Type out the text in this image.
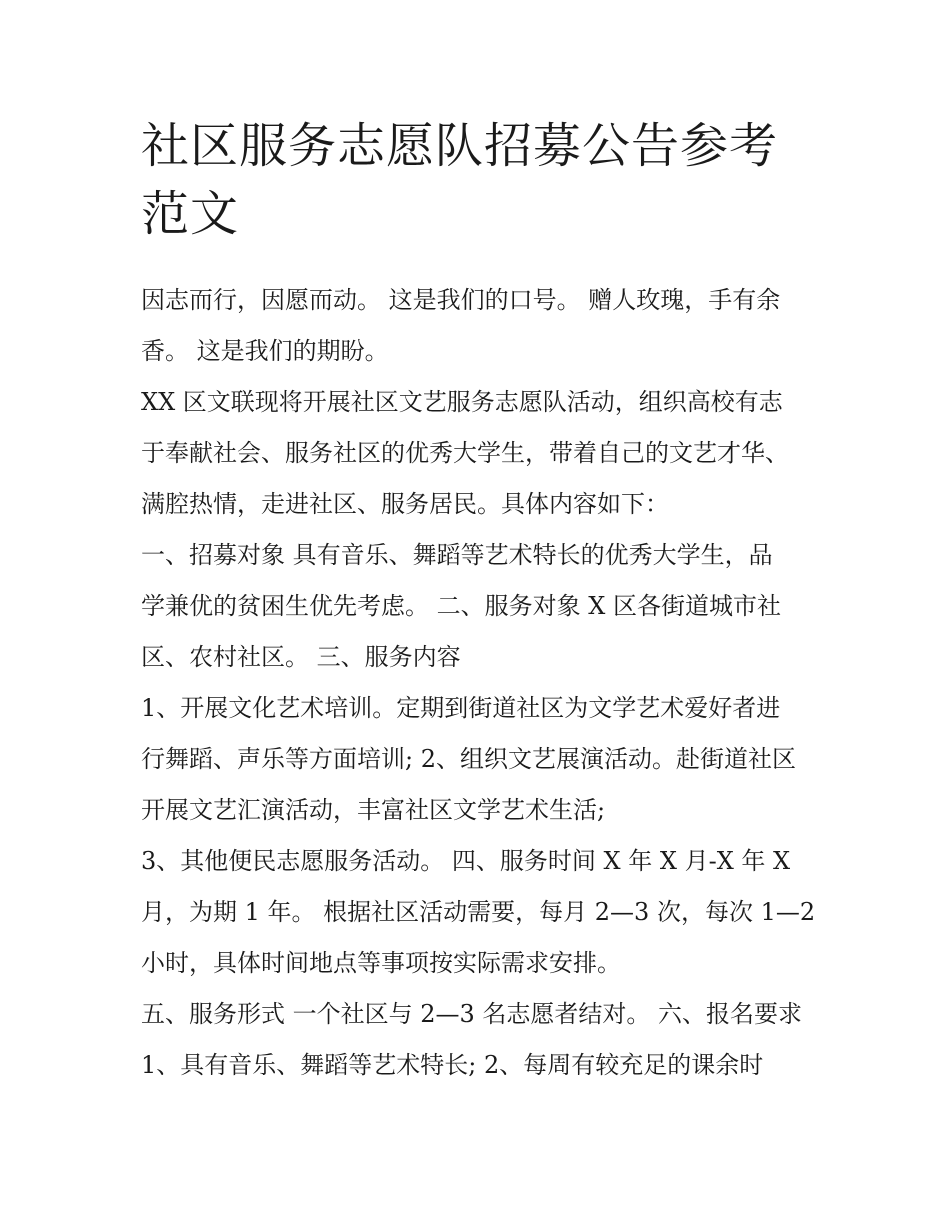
社区服务志愿队招募公告参考
范文

因志而行，因愿而动。 这是我们的口号。 赠人玫瑰，手有余
香。 这是我们的期盼。

XX 区文联现将开展社区文艺服务志愿队活动，组织高校有志
于奉献社会、服务社区的优秀大学生，带着自己的文艺才华、
满腔热情，走进社区、服务居民。具体内容如下：

一、招募对象 具有音乐、舞蹈等艺术特长的优秀大学生，品
学兼优的贫困生优先考虑。 二、服务对象 X 区各街道城市社
区、农村社区。 三、服务内容

1、开展文化艺术培训。定期到街道社区为文学艺术爱好者进
行舞蹈、声乐等方面培训; 2、组织文艺展演活动。赴街道社区
开展文艺汇演活动，丰富社区文学艺术生活;

3、其他便民志愿服务活动。 四、服务时间 X 年 X 月-X 年 X
月，为期 1 年。 根据社区活动需要，每月 2—3 次，每次 1—2
小时，具体时间地点等事项按实际需求安排。

五、服务形式 一个社区与 2—3 名志愿者结对。 六、报名要求
1、具有音乐、舞蹈等艺术特长; 2、每周有较充足的课余时
